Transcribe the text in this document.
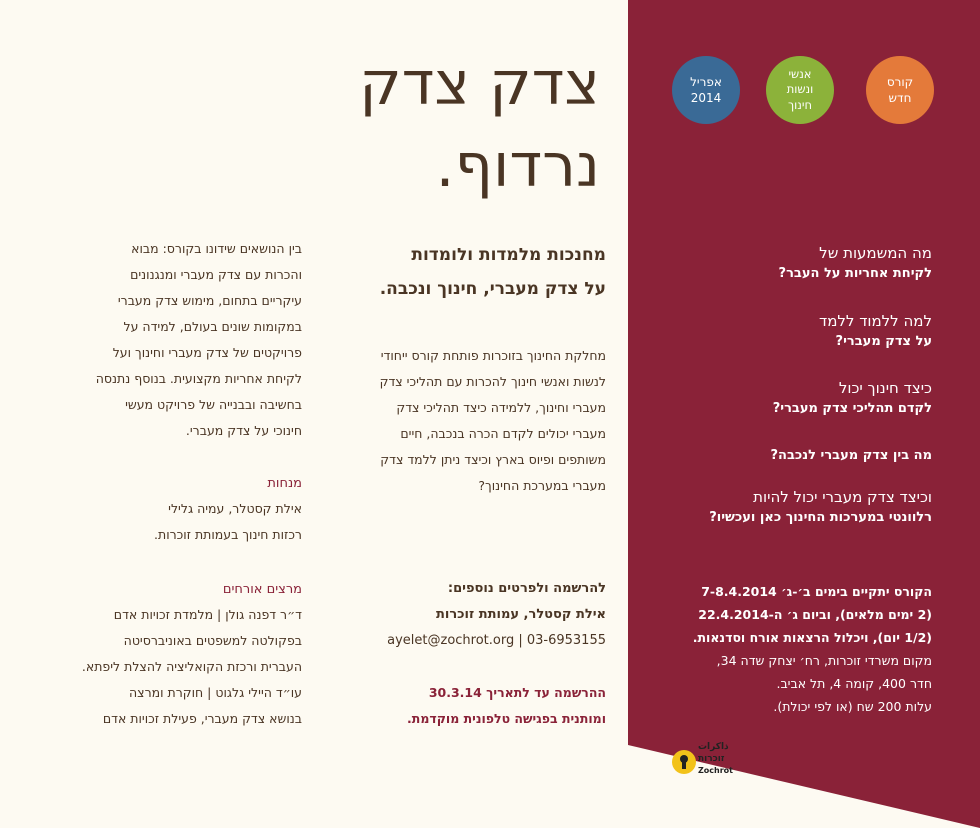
קורס
חדש
אנשי
ונשות
חינוך
אפריל
2014
צדק צדק
נרדוף.
מחנכות מלמדות ולומדות
על צדק מעברי, חינוך ונכבה.
מחלקת החינוך בזוכרות פותחת קורס ייחודי
לנשות ואנשי חינוך להכרות עם תהליכי צדק
מעברי וחינוך, ללמידה כיצד תהליכי צדק
מעברי יכולים לקדם הכרה בנכבה, חיים
משותפים ופיוס בארץ וכיצד ניתן ללמד צדק
מעברי במערכת החינוך?
להרשמה ולפרטים נוספים:
אילת קסטלר, עמותת זוכרות
ayelet@zochrot.org | 03-6953155
ההרשמה עד לתאריך 30.3.14
ומותנית בפגישה טלפונית מוקדמת.
מה המשמעות של
לקיחת אחריות על העבר?
למה ללמוד ללמד
על צדק מעברי?
כיצד חינוך יכול
לקדם תהליכי צדק מעברי?
מה בין צדק מעברי לנכבה?
וכיצד צדק מעברי יכול להיות
רלוונטי במערכות החינוך כאן ועכשיו?
הקורס יתקיים בימים ב׳-ג׳ 7-8.4.2014
(2 ימים מלאים), וביום ג׳ ה-22.4.2014
(1/2 יום), ויכלול הרצאות אורח וסדנאות.
מקום משרדי זוכרות, רח׳ יצחק שדה 34,
חדר 400, קומה 4, תל אביב.
עלות 200 שח (או לפי יכולת).
ذاكرات
זוכרות
Zochrot
בין הנושאים שידונו בקורס: מבוא
והכרות עם צדק מעברי ומנגנונים
עיקריים בתחום, מימוש צדק מעברי
במקומות שונים בעולם, למידה על
פרויקטים של צדק מעברי וחינוך ועל
לקיחת אחריות מקצועית. בנוסף נתנסה
בחשיבה ובבנייה של פרויקט מעשי
חינוכי על צדק מעברי.
מנחות
אילת קסטלר, עמיה גלילי
רכזות חינוך בעמותת זוכרות.
מרצים אורחים
ד״ר דפנה גולן | מלמדת זכויות אדם
בפקולטה למשפטים באוניברסיטה
העברית ורכזת הקואליציה להצלת ליפתא.
עו״ד היילי גלגוט | חוקרת ומרצה
בנושא צדק מעברי, פעילת זכויות אדם
